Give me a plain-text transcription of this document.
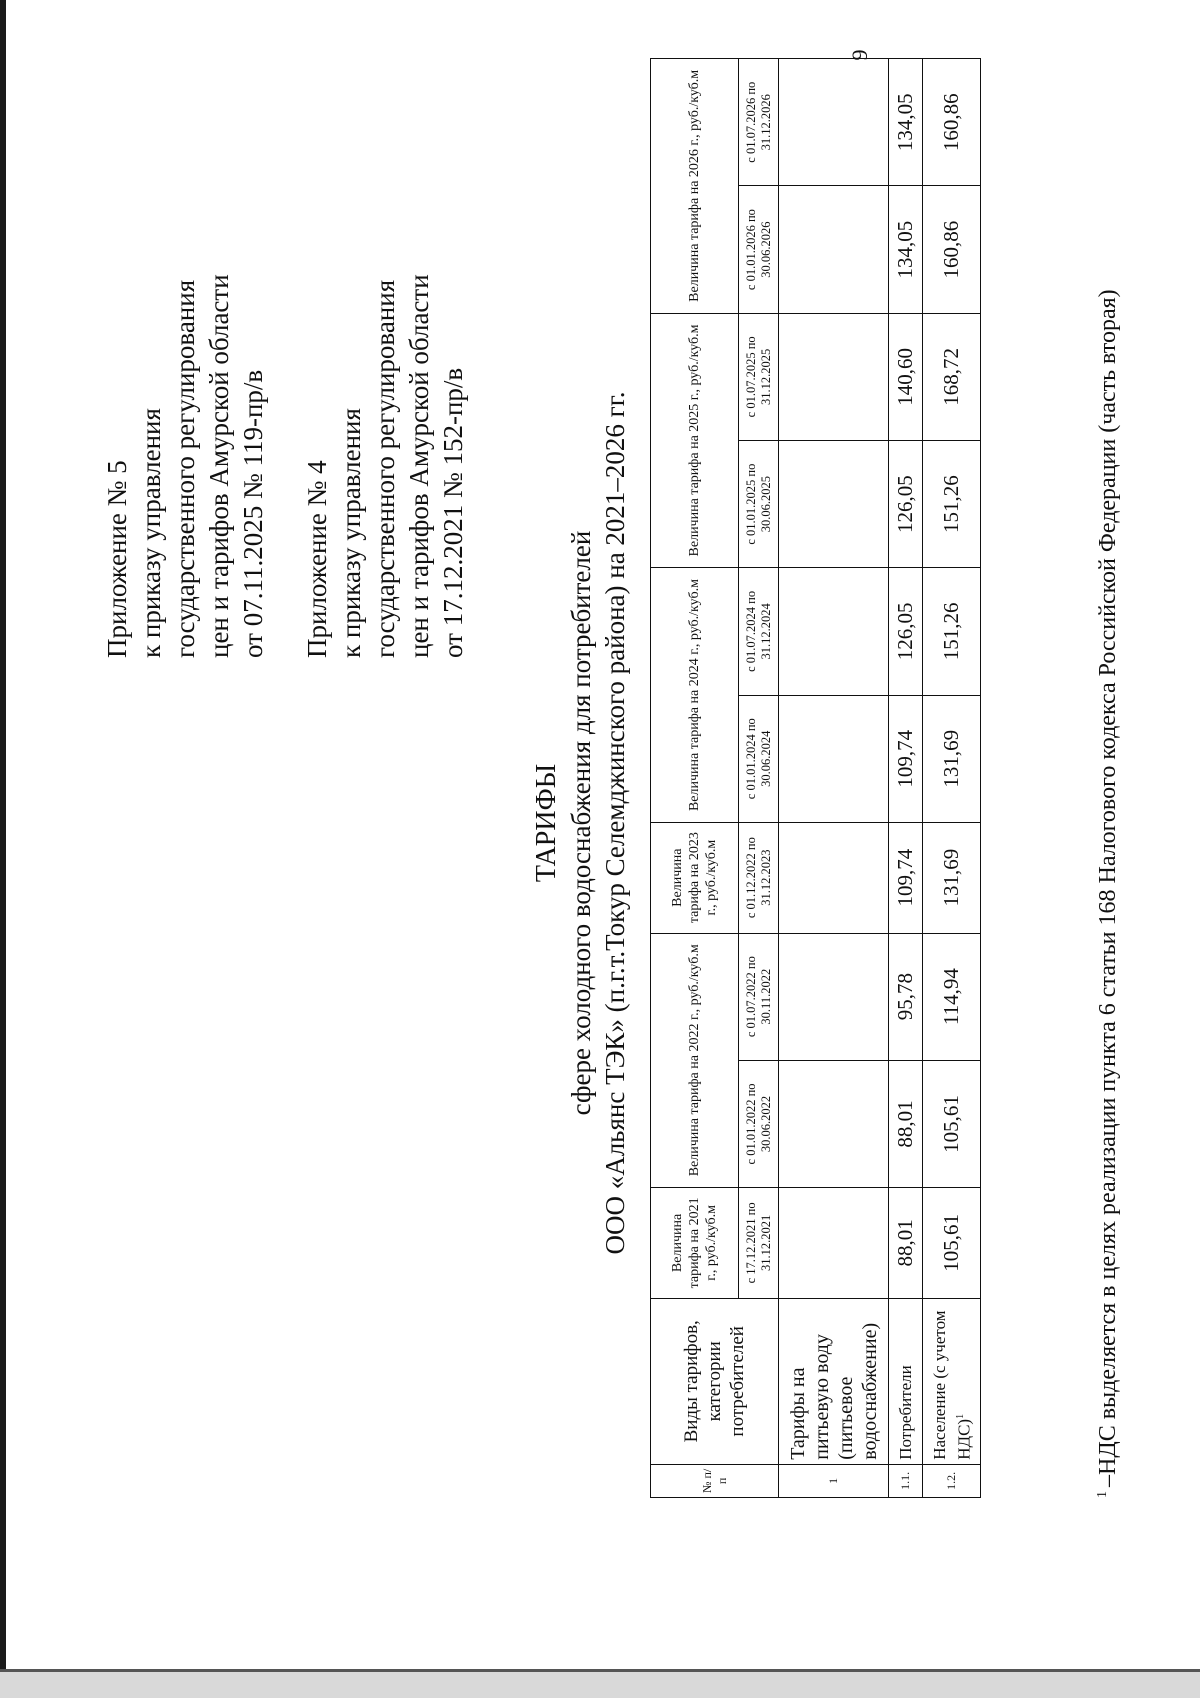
9
Приложение № 5 к приказу управления государственного регулирования цен и тарифов Амурской области от 07.11.2025 № 119-пр/в Приложение № 4 к приказу управления государственного регулирования цен и тарифов Амурской области от 17.12.2021 № 152-пр/в
ТАРИФЫ сфере холодного водоснабжения для потребителей ООО «Альянс ТЭК» (п.г.т.Токур Селемджинского района) на 2021–2026 гг.
№ п/п	Виды тарифов, категории потребителей	Величина тарифа на 2021 г., руб./куб.м	Величина тарифа на 2022 г., руб./куб.м		Величина тарифа на 2023 г., руб./куб.м	Величина тарифа на 2024 г., руб./куб.м		Величина тарифа на 2025 г., руб./куб.м		Величина тарифа на 2026 г., руб./куб.м	
		с 17.12.2021 по 31.12.2021	с 01.01.2022 по 30.06.2022	с 01.07.2022 по 30.11.2022	с 01.12.2022 по 31.12.2023	с 01.01.2024 по 30.06.2024	с 01.07.2024 по 31.12.2024	с 01.01.2025 по 30.06.2025	с 01.07.2025 по 31.12.2025	с 01.01.2026 по 30.06.2026	с 01.07.2026 по 31.12.2026
1	Тарифы на питьевую воду (питьевое водоснабжение)										
1.1.	Потребители	88,01	88,01	95,78	109,74	109,74	126,05	126,05	140,60	134,05	134,05
1.2.	Население (с учетом НДС)$^1$	105,61	105,61	114,94	131,69	131,69	151,26	151,26	168,72	160,86	160,86
$^1$–НДС выделяется в целях реализации пункта 6 статьи 168 Налогового кодекса Российской Федерации (часть вторая)
